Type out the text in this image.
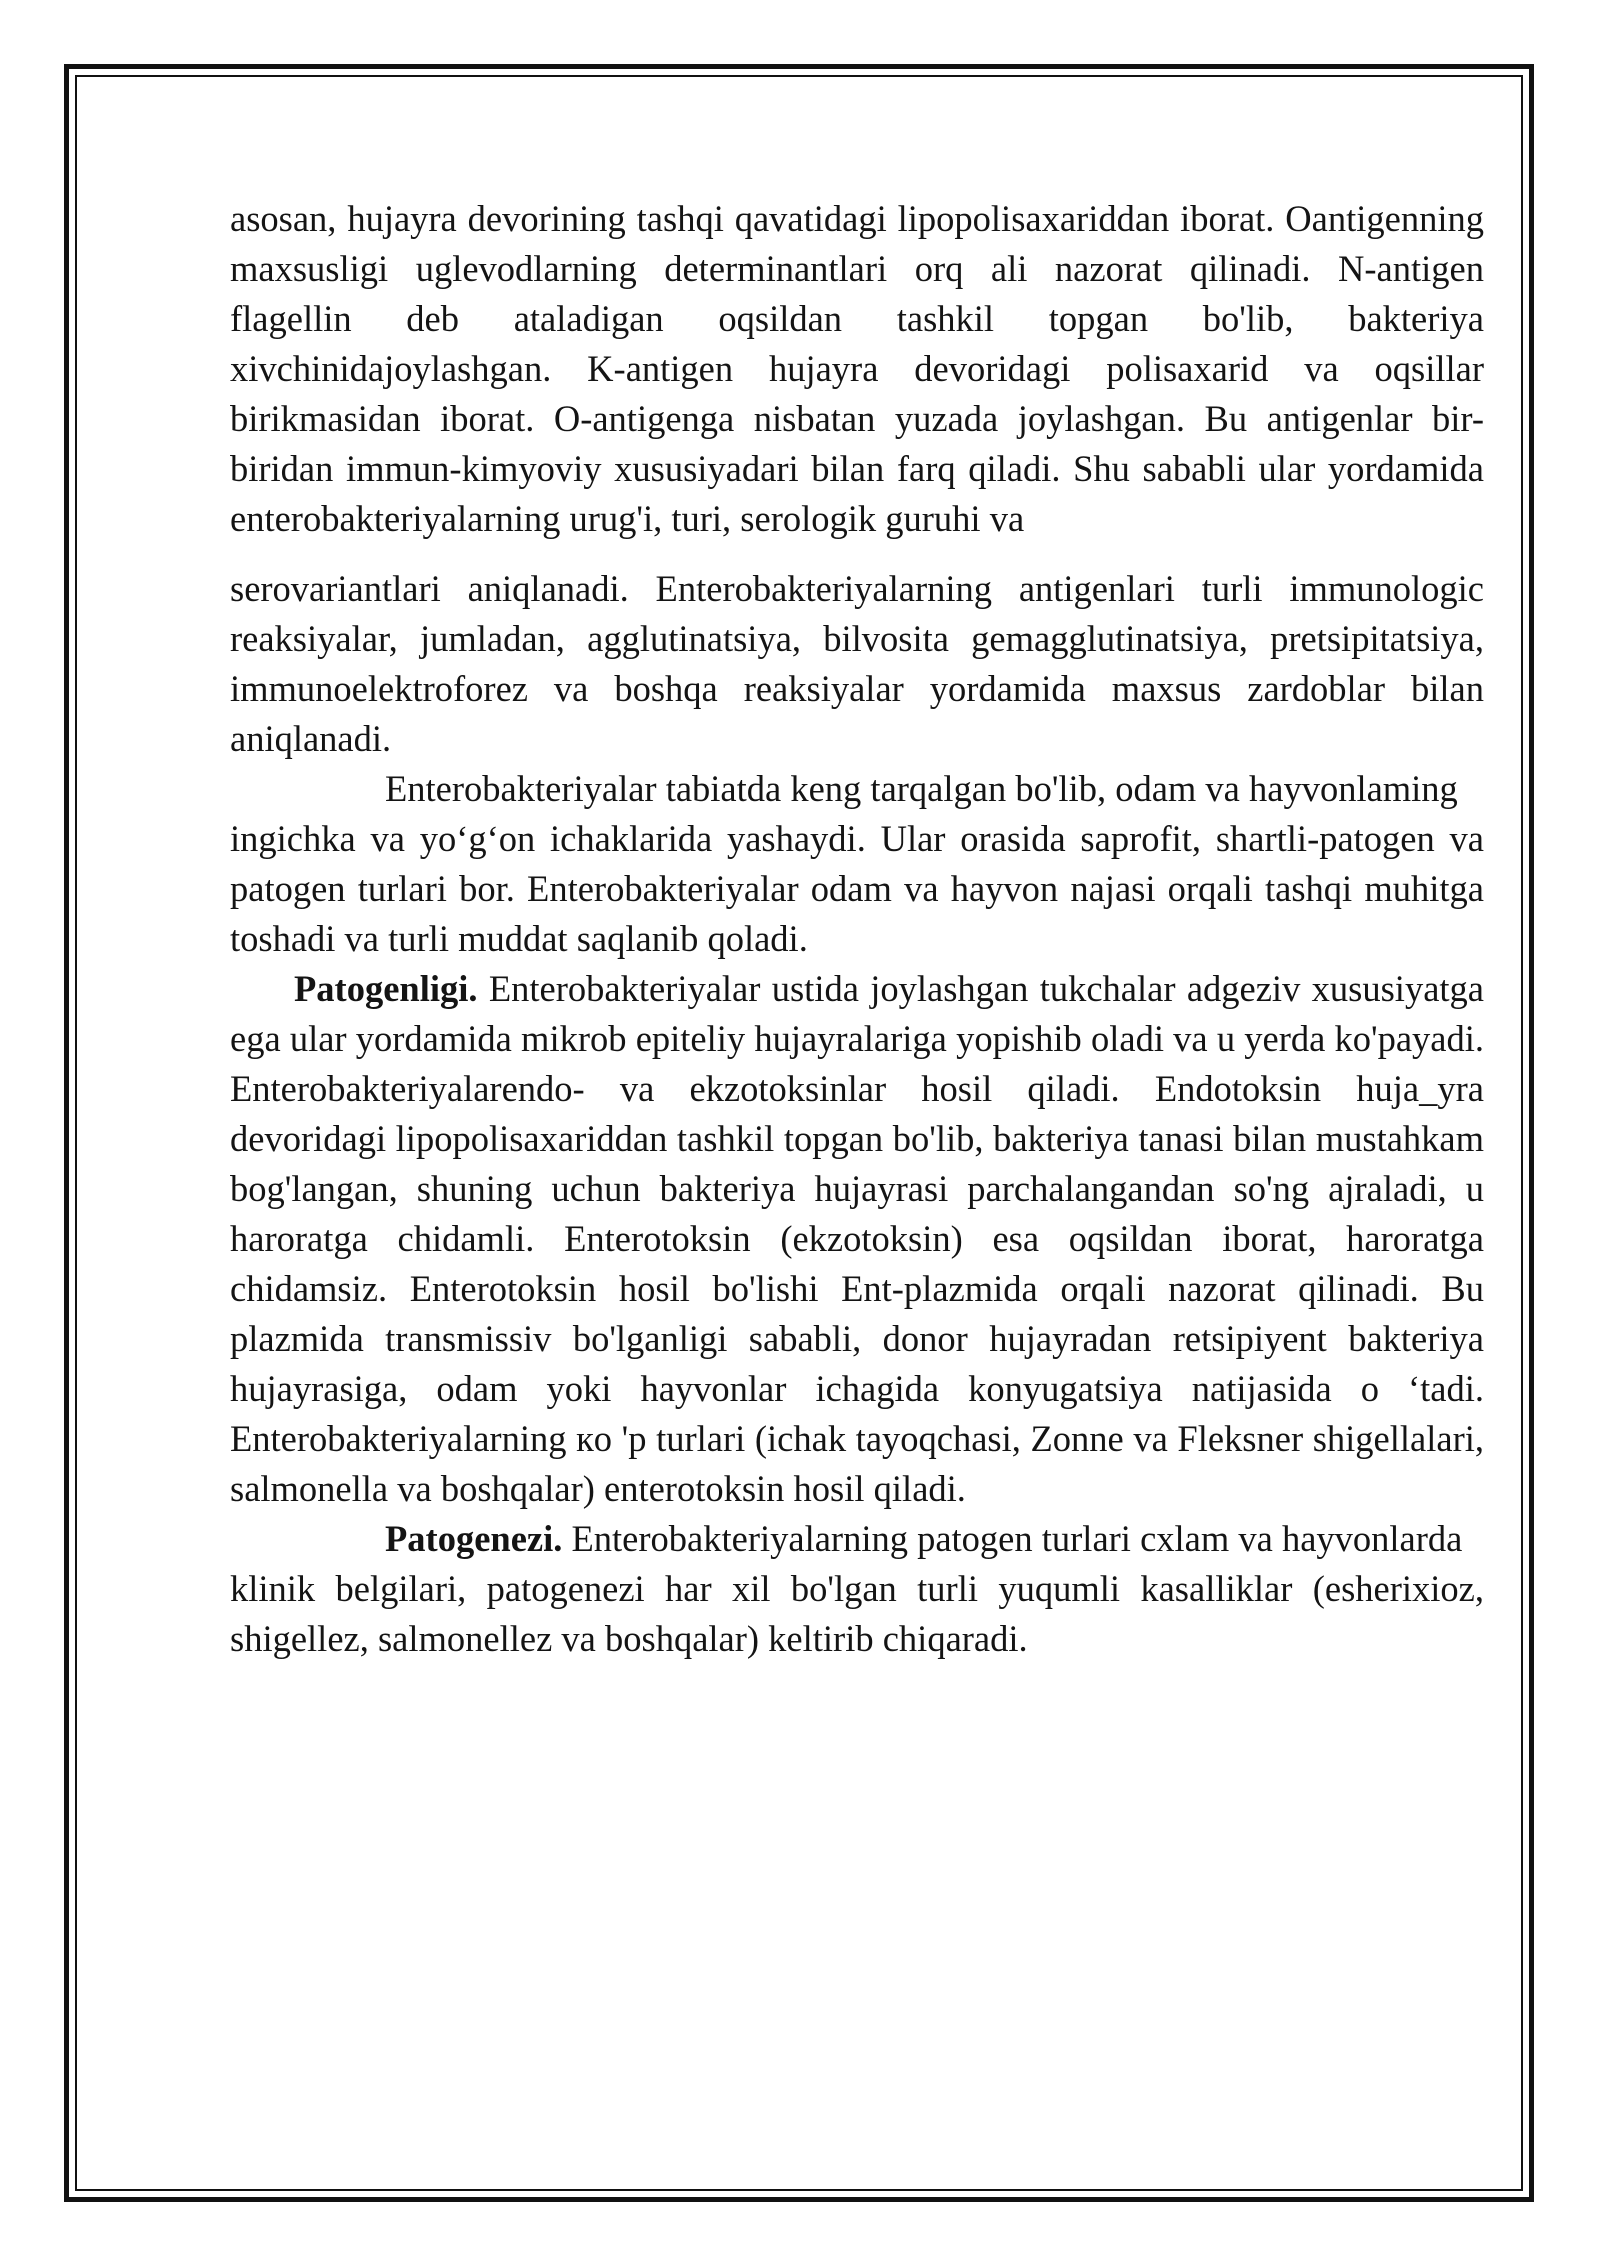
asosan, hujayra devorining tashqi qavatidagi lipopolisaxariddan iborat. Oantigenning maxsusligi uglevodlarning determinantlari orq ali nazorat qilinadi. N-antigen flagellin deb ataladigan oqsildan tashkil topgan bo'lib, bakteriya xivchinidajoylashgan. K-antigen hujayra devoridagi polisaxarid va oqsillar birikmasidan iborat. O-antigenga nisbatan yuzada joylashgan. Bu antigenlar bir-biridan immun-kimyoviy xususiyadari bilan farq qiladi. Shu sababli ular yordamida enterobakteriyalarning urug'i, turi, serologik guruhi va

serovariantlari aniqlanadi. Enterobakteriyalarning antigenlari turli immunologic reaksiyalar, jumladan, agglutinatsiya, bilvosita gemagglutinatsiya, pretsipitatsiya, immunoelektroforez va boshqa reaksiyalar yordamida maxsus zardoblar bilan aniqlanadi.

Enterobakteriyalar tabiatda keng tarqalgan bo'lib, odam va hayvonlaming

ingichka va yo‘g‘on ichaklarida yashaydi. Ular orasida saprofit, shartli-patogen va patogen turlari bor. Enterobakteriyalar odam va hayvon najasi orqali tashqi muhitga toshadi va turli muddat saqlanib qoladi.

Patogenligi. Enterobakteriyalar ustida joylashgan tukchalar adgeziv xususiyatga ega ular yordamida mikrob epiteliy hujayralariga yopishib oladi va u yerda ko'payadi. Enterobakteriyalarendo- va ekzotoksinlar hosil qiladi. Endotoksin huja_yra devoridagi lipopolisaxariddan tashkil topgan bo'lib, bakteriya tanasi bilan mustahkam bog'langan, shuning uchun bakteriya hujayrasi parchalangandan so'ng ajraladi, u haroratga chidamli. Enterotoksin (ekzotoksin) esa oqsildan iborat, haroratga chidamsiz. Enterotoksin hosil bo'lishi Ent-plazmida orqali nazorat qilinadi. Bu plazmida transmissiv bo'lganligi sababli, donor hujayradan retsipiyent bakteriya hujayrasiga, odam yoki hayvonlar ichagida konyugatsiya natijasida o ‘tadi. Enterobakteriyalarning кo 'p turlari (ichak tayoqchasi, Zonne va Fleksner shigellalari, salmonella va boshqalar) enterotoksin hosil qiladi.

Patogenezi. Enterobakteriyalarning patogen turlari cxlam va hayvonlarda

klinik belgilari, patogenezi har xil bo'lgan turli yuqumli kasalliklar (esherixioz, shigellez, salmonellez va boshqalar) keltirib chiqaradi.
